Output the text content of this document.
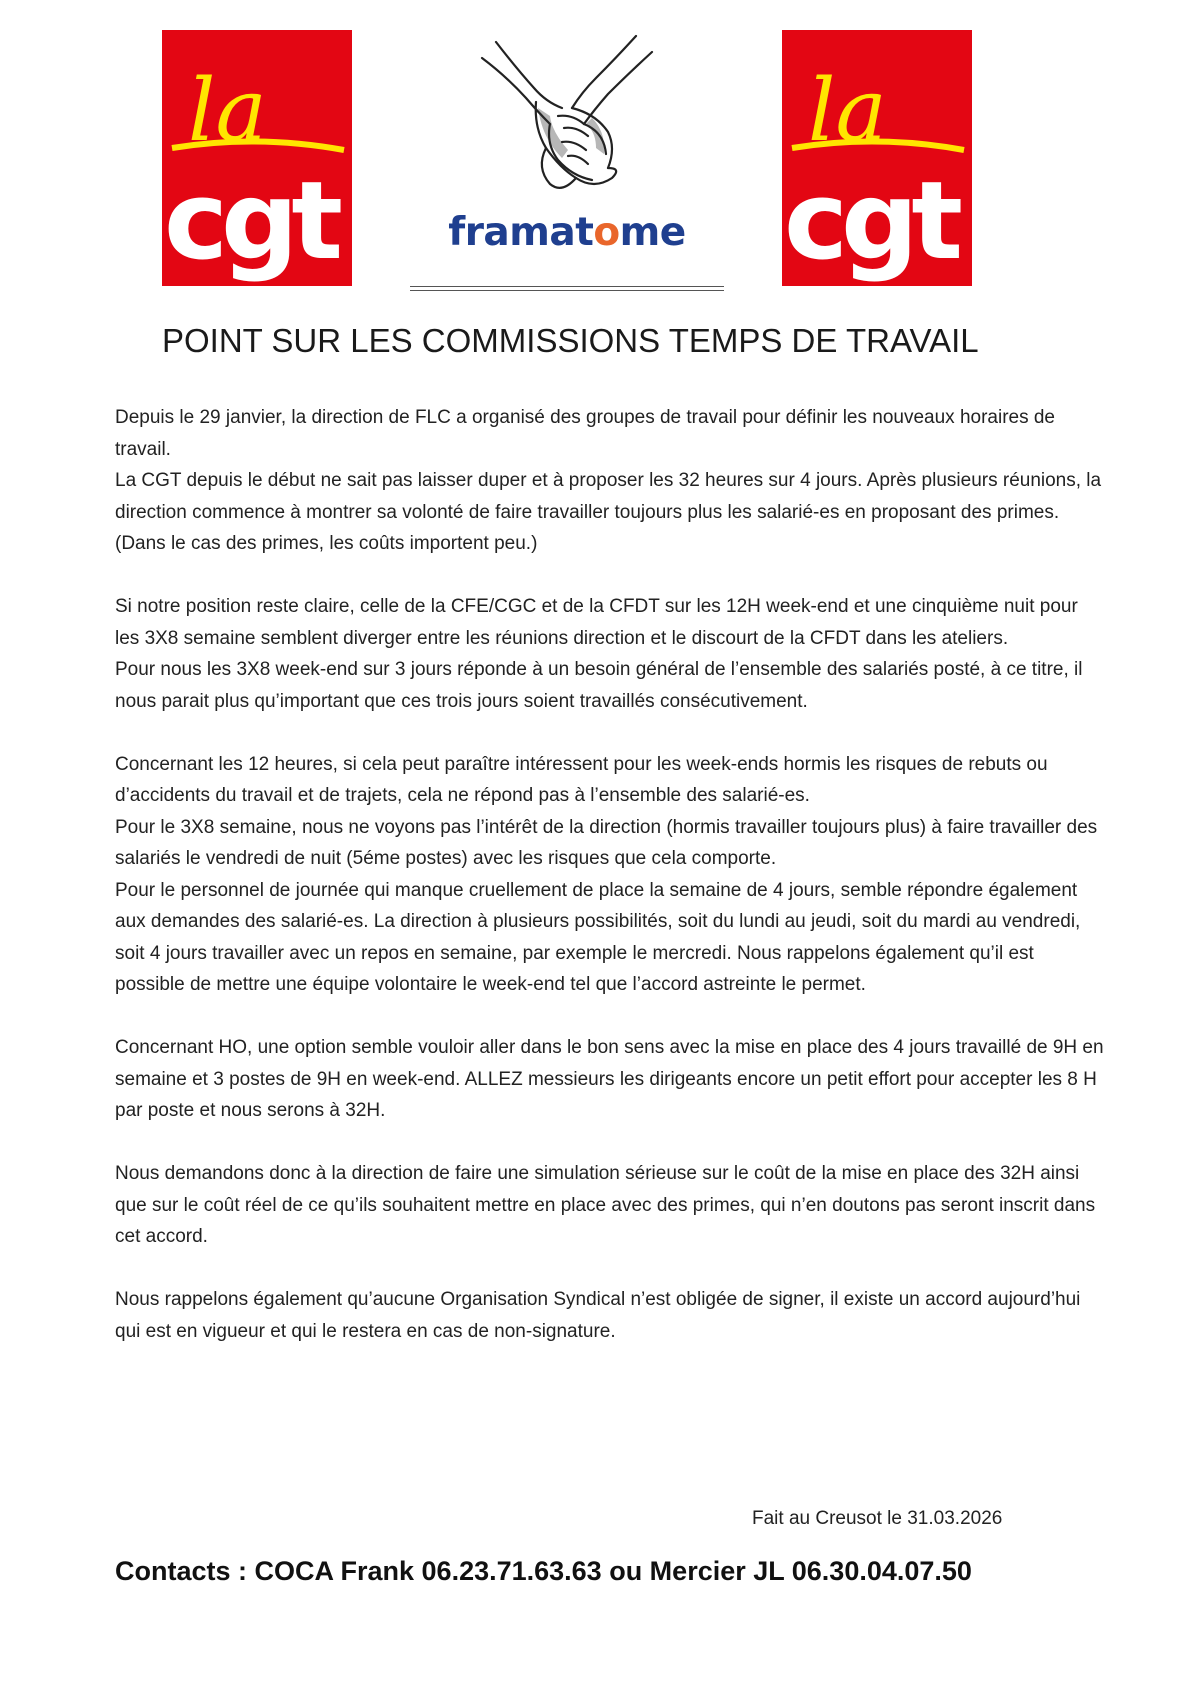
la
cgt	framatome
la
cgt
POINT SUR LES COMMISSIONS TEMPS DE TRAVAIL

Depuis le 29 janvier, la direction de FLC a organisé des groupes de travail pour définir les nouveaux horaires de travail.
La CGT depuis le début ne sait pas laisser duper et à proposer les 32 heures sur 4 jours. Après plusieurs réunions, la direction commence à montrer sa volonté de faire travailler toujours plus les salarié-es en proposant des primes. (Dans le cas des primes, les coûts importent peu.)

Si notre position reste claire, celle de la CFE/CGC et de la CFDT sur les 12H week-end et une cinquième nuit pour les 3X8 semaine semblent diverger entre les réunions direction et le discourt de la CFDT dans les ateliers.
Pour nous les 3X8 week-end sur 3 jours réponde à un besoin général de l’ensemble des salariés posté, à ce titre, il nous parait plus qu’important que ces trois jours soient travaillés consécutivement.

Concernant les 12 heures, si cela peut paraître intéressent pour les week-ends hormis les risques de rebuts ou d’accidents du travail et de trajets, cela ne répond pas à l’ensemble des salarié-es.
Pour le 3X8 semaine, nous ne voyons pas l’intérêt de la direction (hormis travailler toujours plus) à faire travailler des salariés le vendredi de nuit (5éme postes) avec les risques que cela comporte.
Pour le personnel de journée qui manque cruellement de place la semaine de 4 jours, semble répondre également aux demandes des salarié-es. La direction à plusieurs possibilités, soit du lundi au jeudi, soit du mardi au vendredi, soit 4 jours travailler avec un repos en semaine, par exemple le mercredi. Nous rappelons également qu’il est possible de mettre une équipe volontaire le week-end tel que l’accord astreinte le permet.

Concernant HO, une option semble vouloir aller dans le bon sens avec la mise en place des 4 jours travaillé de 9H en semaine et 3 postes de 9H en week-end. ALLEZ messieurs les dirigeants encore un petit effort pour accepter les 8 H par poste et nous serons à 32H.

Nous demandons donc à la direction de faire une simulation sérieuse sur le coût de la mise en place des 32H ainsi que sur le coût réel de ce qu’ils souhaitent mettre en place avec des primes, qui n’en doutons pas seront inscrit dans cet accord.

Nous rappelons également qu’aucune Organisation Syndical n’est obligée de signer, il existe un accord aujourd’hui qui est en vigueur et qui le restera en cas de non-signature.

Fait au Creusot le 31.03.2026
Contacts : COCA Frank 06.23.71.63.63 ou Mercier JL 06.30.04.07.50
